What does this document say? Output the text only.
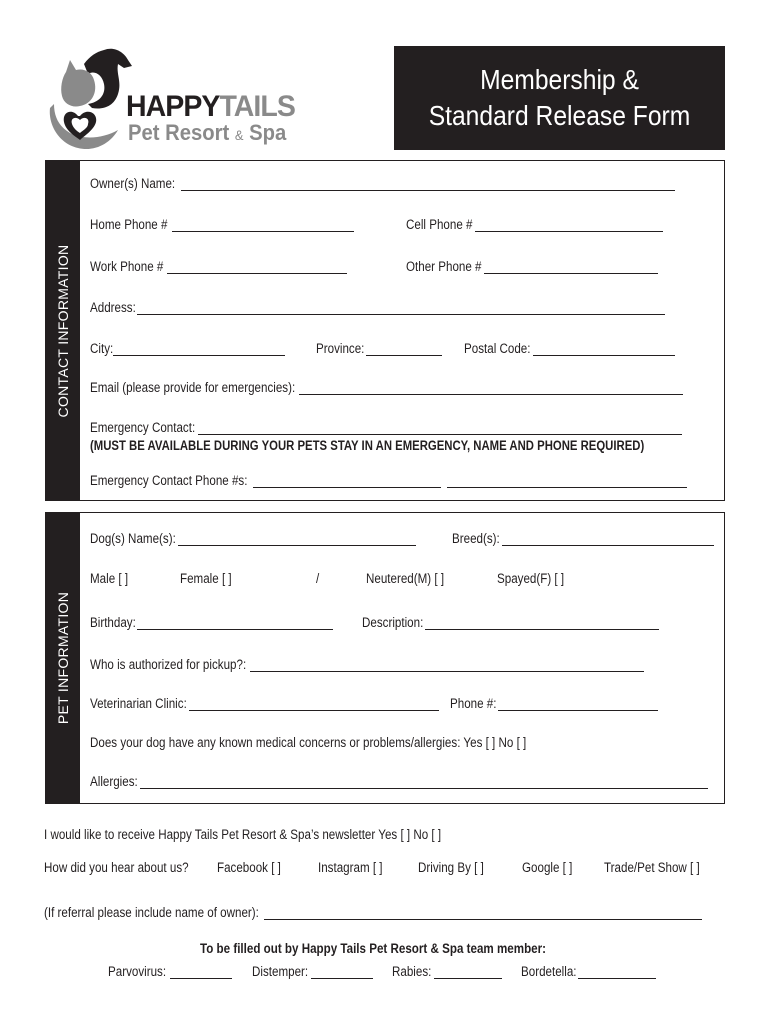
HAPPYTAILS
Pet Resort & Spa
Membership &
Standard Release Form
CONTACT INFORMATION
Owner(s) Name:
Home Phone #	Cell Phone #
Work Phone #	Other Phone #
Address:
City:	Province:	Postal Code:
Email (please provide for emergencies):
Emergency Contact:
(MUST BE AVAILABLE DURING YOUR PETS STAY IN AN EMERGENCY, NAME AND PHONE REQUIRED)
Emergency Contact Phone #s:
PET INFORMATION
Dog(s) Name(s):	Breed(s):
Male [ ]	Female [ ]	/	Neutered(M) [ ]	Spayed(F) [ ]
Birthday:	Description:
Who is authorized for pickup?:
Veterinarian Clinic:	Phone #:
Does your dog have any known medical concerns or problems/allergies: Yes [ ] No [ ]
Allergies:
I would like to receive Happy Tails Pet Resort & Spa’s newsletter Yes [ ] No [ ]
How did you hear about us? Facebook [ ]	Instagram [ ]	Driving By [ ]	Google [ ] Trade/Pet Show [ ]
(If referral please include name of owner):
To be filled out by Happy Tails Pet Resort & Spa team member:
Parvovirus:	Distemper:	Rabies:	Bordetella:
